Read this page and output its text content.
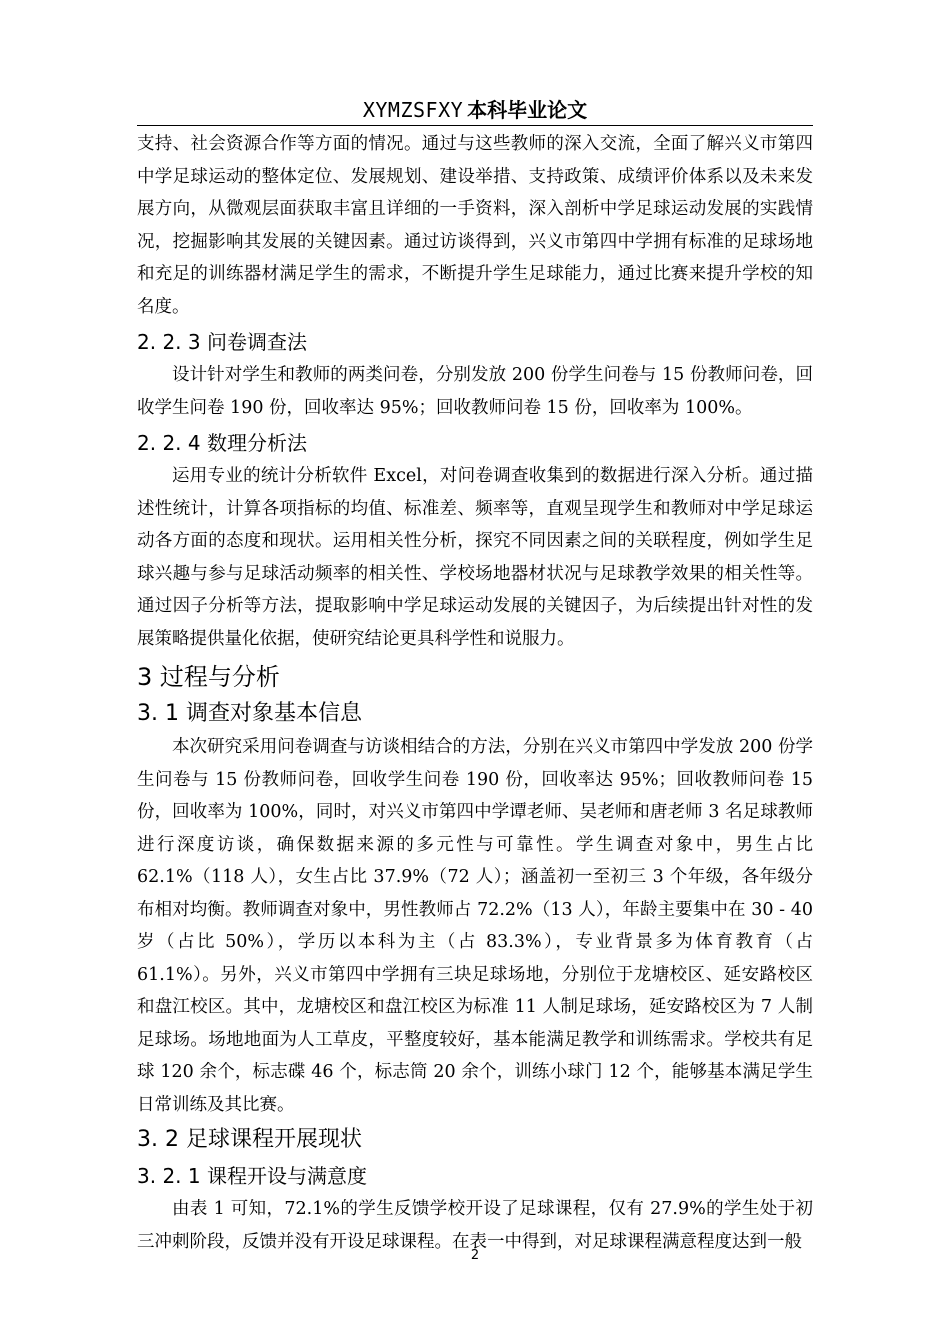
XYMZSFXY 本科毕业论文

支持、社会资源合作等方面的情况。通过与这些教师的深入交流，全面了解兴义市第四中学足球运动的整体定位、发展规划、建设举措、支持政策、成绩评价体系以及未来发展方向，从微观层面获取丰富且详细的一手资料，深入剖析中学足球运动发展的实践情况，挖掘影响其发展的关键因素。通过访谈得到，兴义市第四中学拥有标准的足球场地和充足的训练器材满足学生的需求，不断提升学生足球能力，通过比赛来提升学校的知名度。

2. 2. 3 问卷调查法

设计针对学生和教师的两类问卷，分别发放 200 份学生问卷与 15 份教师问卷，回收学生问卷 190 份，回收率达 95%；回收教师问卷 15 份，回收率为 100%。

2. 2. 4 数理分析法

运用专业的统计分析软件 Excel，对问卷调查收集到的数据进行深入分析。通过描述性统计，计算各项指标的均值、标准差、频率等，直观呈现学生和教师对中学足球运动各方面的态度和现状。运用相关性分析，探究不同因素之间的关联程度，例如学生足球兴趣与参与足球活动频率的相关性、学校场地器材状况与足球教学效果的相关性等。通过因子分析等方法，提取影响中学足球运动发展的关键因子，为后续提出针对性的发展策略提供量化依据，使研究结论更具科学性和说服力。

3 过程与分析
3. 1 调查对象基本信息

本次研究采用问卷调查与访谈相结合的方法，分别在兴义市第四中学发放 200 份学生问卷与 15 份教师问卷，回收学生问卷 190 份，回收率达 95%；回收教师问卷 15 份，回收率为 100%，同时，对兴义市第四中学谭老师、吴老师和唐老师 3 名足球教师进行深度访谈，确保数据来源的多元性与可靠性。学生调查对象中，男生占比 62.1%（118 人），女生占比 37.9%（72 人）；涵盖初一至初三 3 个年级，各年级分布相对均衡。教师调查对象中，男性教师占 72.2%（13 人），年龄主要集中在 30 - 40 岁（占比 50%），学历以本科为主（占 83.3%），专业背景多为体育教育（占 61.1%）。另外，兴义市第四中学拥有三块足球场地，分别位于龙塘校区、延安路校区和盘江校区。其中，龙塘校区和盘江校区为标准 11 人制足球场，延安路校区为 7 人制足球场。场地地面为人工草皮，平整度较好，基本能满足教学和训练需求。学校共有足球 120 余个，标志碟 46 个，标志筒 20 余个，训练小球门 12 个，能够基本满足学生日常训练及其比赛。

3. 2 足球课程开展现状
3. 2. 1 课程开设与满意度

由表 1 可知，72.1%的学生反馈学校开设了足球课程，仅有 27.9%的学生处于初三冲刺阶段，反馈并没有开设足球课程。在表一中得到，对足球课程满意程度达到一般

2
